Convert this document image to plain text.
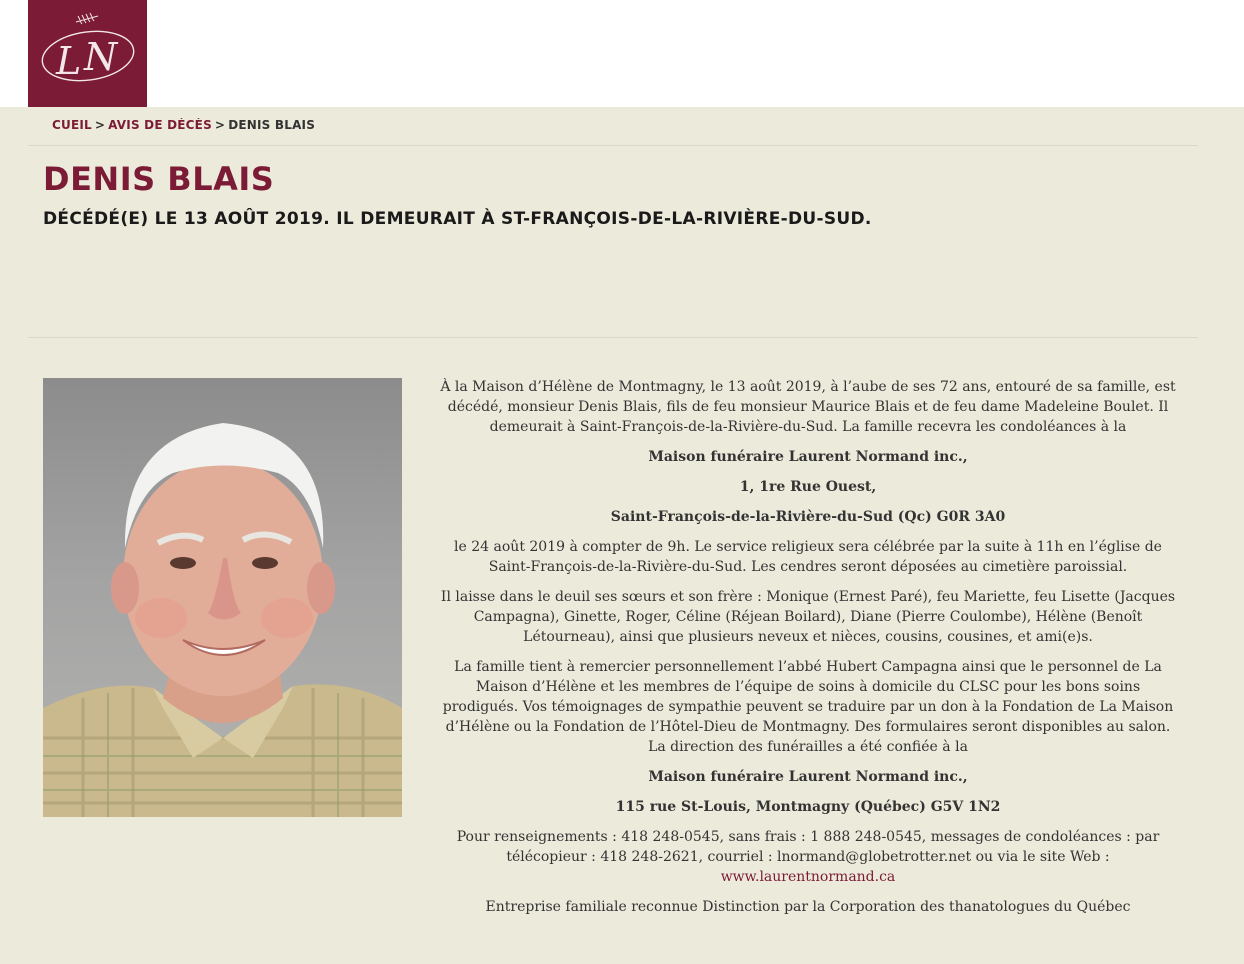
L N
CUEIL > AVIS DE DÉCÈS > DENIS BLAIS
DENIS BLAIS
DÉCÉDÉ(E) LE 13 AOÛT 2019. IL DEMEURAIT À ST-FRANÇOIS-DE-LA-RIVIÈRE-DU-SUD.

À la Maison d’Hélène de Montmagny, le 13 août 2019, à l’aube de ses 72 ans, entouré de sa famille, est décédé, monsieur Denis Blais, fils de feu monsieur Maurice Blais et de feu dame Madeleine Boulet. Il demeurait à Saint-François-de-la-Rivière-du-Sud. La famille recevra les condoléances à la

Maison funéraire Laurent Normand inc.,

1, 1re Rue Ouest,

Saint-François-de-la-Rivière-du-Sud (Qc) G0R 3A0

le 24 août 2019 à compter de 9h. Le service religieux sera célébrée par la suite à 11h en l’église de Saint-François-de-la-Rivière-du-Sud. Les cendres seront déposées au cimetière paroissial.

Il laisse dans le deuil ses sœurs et son frère : Monique (Ernest Paré), feu Mariette, feu Lisette (Jacques Campagna), Ginette, Roger, Céline (Réjean Boilard), Diane (Pierre Coulombe), Hélène (Benoît Létourneau), ainsi que plusieurs neveux et nièces, cousins, cousines, et ami(e)s.

La famille tient à remercier personnellement l’abbé Hubert Campagna ainsi que le personnel de La Maison d’Hélène et les membres de l’équipe de soins à domicile du CLSC pour les bons soins prodigués. Vos témoignages de sympathie peuvent se traduire par un don à la Fondation de La Maison d’Hélène ou la Fondation de l’Hôtel-Dieu de Montmagny. Des formulaires seront disponibles au salon. La direction des funérailles a été confiée à la

Maison funéraire Laurent Normand inc.,

115 rue St-Louis, Montmagny (Québec) G5V 1N2

Pour renseignements : 418 248-0545, sans frais : 1 888 248-0545, messages de condoléances : par télécopieur : 418 248-2621, courriel : lnormand@globetrotter.net ou via le site Web :
www.laurentnormand.ca

Entreprise familiale reconnue Distinction par la Corporation des thanatologues du Québec
